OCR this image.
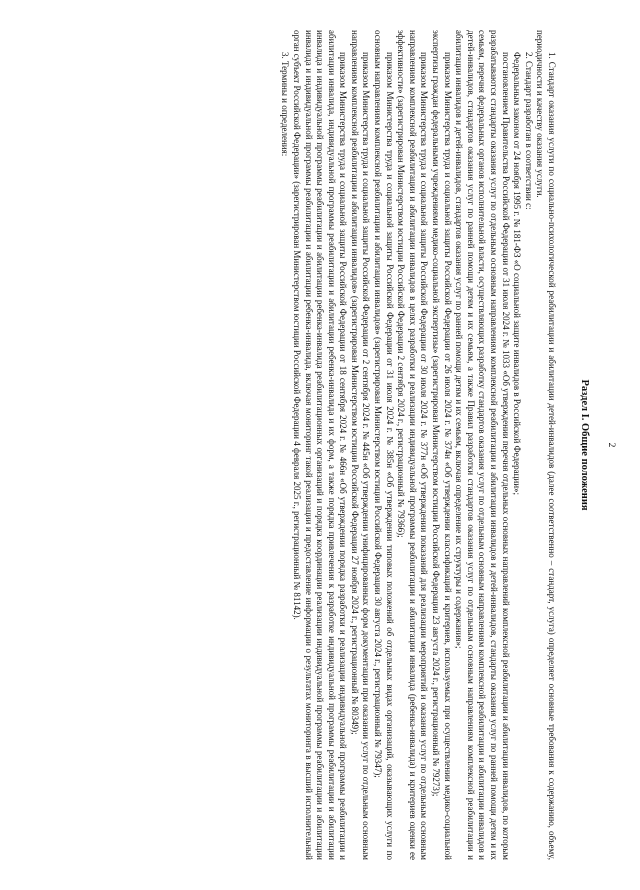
2
Раздел I. Общие положения

1. Стандарт оказания услуги по социально-психологической реабилитации и абилитации детей-инвалидов (далее соответственно – стандарт, услуга) определяет основные требования к содержанию, объему, периодичности и качеству оказания услуги.

2. Стандарт разработан в соответствии с:

Федеральным законом от 24 ноября 1995 г. № 181-ФЗ «О социальной защите инвалидов в Российской Федерации»;

постановлением Правительства Российской Федерации от 31 июля 2024 г. № 1033 «Об утверждении перечня отдельных основных направлений комплексной реабилитации и абилитации инвалидов, по которым разрабатываются стандарты оказания услуг по отдельным основным направлениям комплексной реабилитации и абилитации инвалидов и детей-инвалидов, стандарты оказания услуг по ранней помощи детям и их семьям, перечня федеральных органов исполнительной власти, осуществляющих разработку стандартов оказания услуг по отдельным основным направлениям комплексной реабилитации и абилитации инвалидов и детей-инвалидов, стандартов оказания услуг по ранней помощи детям и их семьям, а также Правил разработки стандартов оказания услуг по отдельным основным направлениям комплексной реабилитации и абилитации инвалидов и детей-инвалидов, стандартов оказания услуг по ранней помощи детям и их семьям, включая определение их структуры и содержания»;

приказом Министерства труда и социальной защиты Российской Федерации от 26 июля 2024 г. № 374н «Об утверждении классификаций и критериев, используемых при осуществлении медико-социальной экспертизы граждан федеральными учреждениями медико-социальной экспертизы» (зарегистрирован Министерством юстиции Российской Федерации 23 августа 2024 г., регистрационный № 79273);

приказом Министерства труда и социальной защиты Российской Федерации от 30 июля 2024 г. № 377н «Об утверждении показаний для реализации мероприятий и оказания услуг по отдельным основным направлениям комплексной реабилитации и абилитации инвалидов в целях разработки и реализации индивидуальной программы реабилитации и абилитации инвалида (ребенка-инвалида) и критериев оценки ее эффективности» (зарегистрирован Министерством юстиции Российской Федерации 2 сентября 2024 г., регистрационный № 79366);

приказом Министерства труда и социальной защиты Российской Федерации от 31 июля 2024 г. № 385н «Об утверждении типовых положений об отдельных видах организаций, оказывающих услуги по основным направлениям комплексной реабилитации и абилитации инвалидов» (зарегистрирован Министерством юстиции Российской Федерации 30 августа 2024 г., регистрационный № 79347);

приказом Министерства труда и социальной защиты Российской Федерации от 2 сентября 2024 г. № 445н «Об утверждении унифицированных форм документации при оказании услуг по отдельным основным направлениям комплексной реабилитации и абилитации инвалидов» (зарегистрирован Министерством юстиции Российской Федерации 27 ноября 2024 г., регистрационный № 80349);

приказом Министерства труда и социальной защиты Российской Федерации от 18 сентября 2024 г. № 466н «Об утверждении порядка разработки и реализации индивидуальной программы реабилитации и абилитации инвалида, индивидуальной программы реабилитации и абилитации ребенка-инвалида и их форм, а также порядка привлечения к разработке индивидуальной программы реабилитации и абилитации инвалида и индивидуальной программы реабилитации и абилитации ребенка-инвалида реабилитационных организаций и порядка координации реализации индивидуальной программы реабилитации и абилитации инвалида и индивидуальной программы реабилитации и абилитации ребенка-инвалида, включая мониторинг такой реализации и предоставление информации о результатах мониторинга в высший исполнительный орган субъект Российской Федерации» (зарегистрирован Министерством юстиции Российской Федерации 4 февраля 2025 г., регистрационный № 81142).

3. Термины и определения:
